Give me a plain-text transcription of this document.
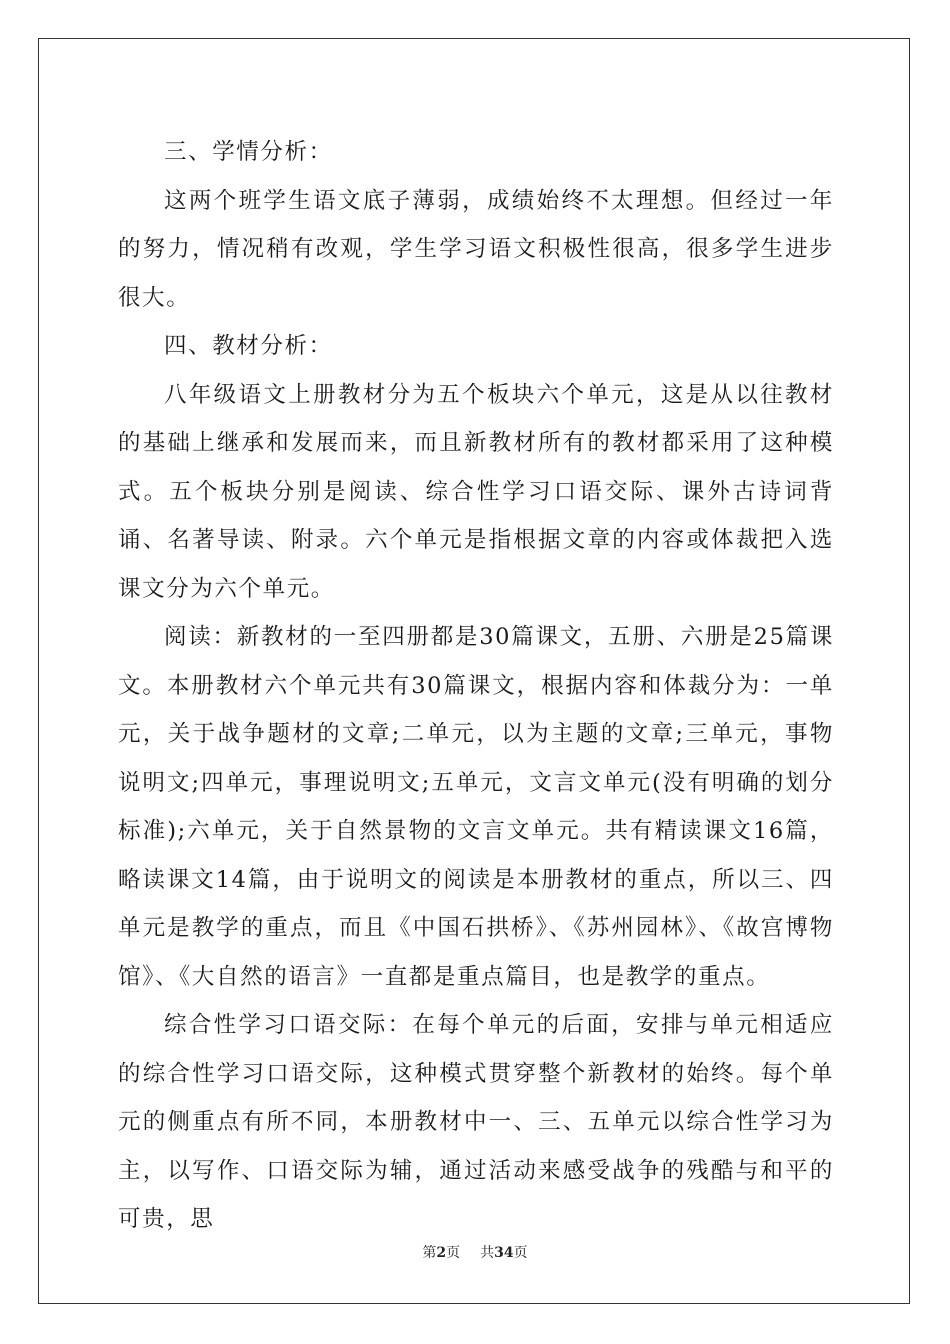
三、学情分析：

这两个班学生语文底子薄弱，成绩始终不太理想。但经过一年的努力，情况稍有改观，学生学习语文积极性很高，很多学生进步很大。

四、教材分析：

八年级语文上册教材分为五个板块六个单元，这是从以往教材的基础上继承和发展而来，而且新教材所有的教材都采用了这种模式。五个板块分别是阅读、综合性学习口语交际、课外古诗词背诵、名著导读、附录。六个单元是指根据文章的内容或体裁把入选课文分为六个单元。

阅读：新教材的一至四册都是30篇课文，五册、六册是25篇课文。本册教材六个单元共有30篇课文，根据内容和体裁分为：一单元，关于战争题材的文章;二单元，以为主题的文章;三单元，事物说明文;四单元，事理说明文;五单元，文言文单元(没有明确的划分标准);六单元，关于自然景物的文言文单元。共有精读课文16篇，略读课文14篇，由于说明文的阅读是本册教材的重点，所以三、四单元是教学的重点，而且《中国石拱桥》、《苏州园林》、《故宫博物馆》、《大自然的语言》一直都是重点篇目，也是教学的重点。

综合性学习口语交际：在每个单元的后面，安排与单元相适应的综合性学习口语交际，这种模式贯穿整个新教材的始终。每个单元的侧重点有所不同，本册教材中一、三、五单元以综合性学习为主，以写作、口语交际为辅，通过活动来感受战争的残酷与和平的可贵，思

第2页 共34页
